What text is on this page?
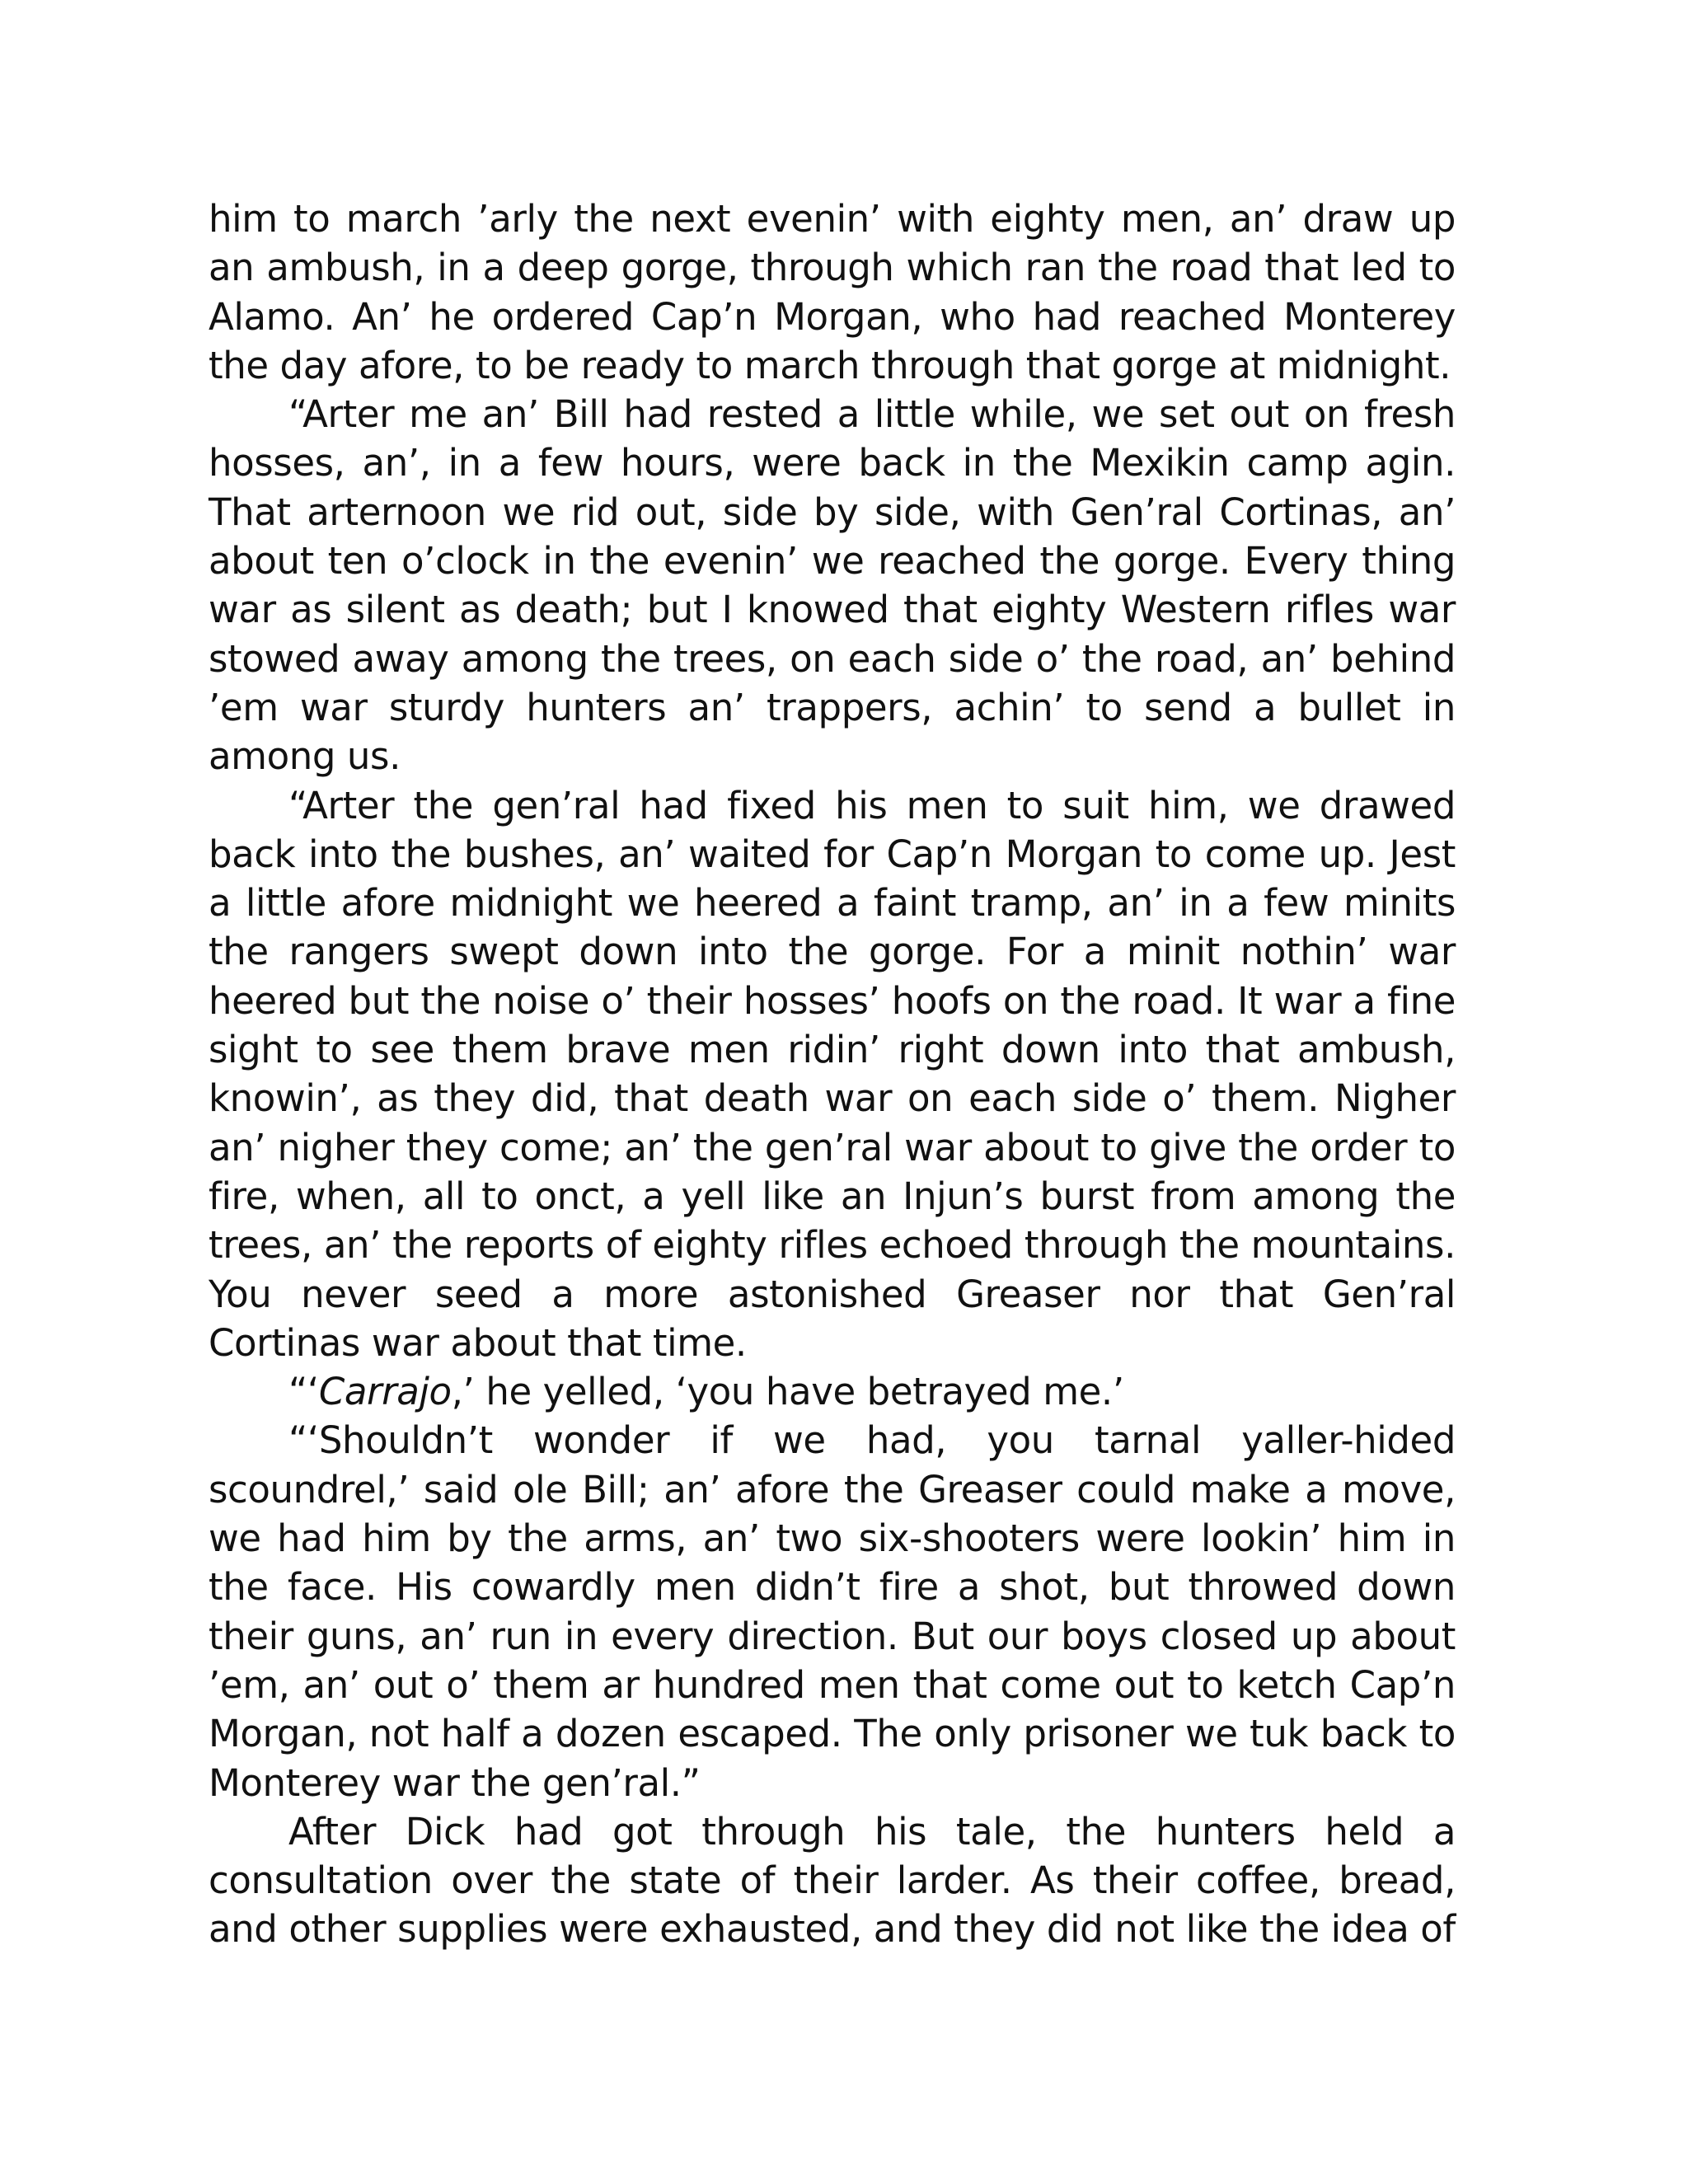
him to march ’arly the next evenin’ with eighty men, an’ draw up an ambush, in a deep gorge, through which ran the road that led to Alamo. An’ he ordered Cap’n Morgan, who had reached Monterey the day afore, to be ready to march through that gorge at midnight.

“Arter me an’ Bill had rested a little while, we set out on fresh hosses, an’, in a few hours, were back in the Mexikin camp agin. That arternoon we rid out, side by side, with Gen’ral Cortinas, an’ about ten o’clock in the evenin’ we reached the gorge. Every thing war as silent as death; but I knowed that eighty Western rifles war stowed away among the trees, on each side o’ the road, an’ behind ’em war sturdy hunters an’ trappers, achin’ to send a bullet in among us.

“Arter the gen’ral had fixed his men to suit him, we drawed back into the bushes, an’ waited for Cap’n Morgan to come up. Jest a little afore midnight we heered a faint tramp, an’ in a few minits the rangers swept down into the gorge. For a minit nothin’ war heered but the noise o’ their hosses’ hoofs on the road. It war a fine sight to see them brave men ridin’ right down into that ambush, knowin’, as they did, that death war on each side o’ them. Nigher an’ nigher they come; an’ the gen’ral war about to give the order to fire, when, all to onct, a yell like an Injun’s burst from among the trees, an’ the reports of eighty rifles echoed through the mountains. You never seed a more astonished Greaser nor that Gen’ral Cortinas war about that time.

“‘Carrajo,’ he yelled, ‘you have betrayed me.’

“‘Shouldn’t wonder if we had, you tarnal yaller-hided scoundrel,’ said ole Bill; an’ afore the Greaser could make a move, we had him by the arms, an’ two six-shooters were lookin’ him in the face. His cowardly men didn’t fire a shot, but throwed down their guns, an’ run in every direction. But our boys closed up about ’em, an’ out o’ them ar hundred men that come out to ketch Cap’n Morgan, not half a dozen escaped. The only prisoner we tuk back to Monterey war the gen’ral.”

After Dick had got through his tale, the hunters held a consultation over the state of their larder. As their coffee, bread, and other supplies were exhausted, and they did not like the idea of
